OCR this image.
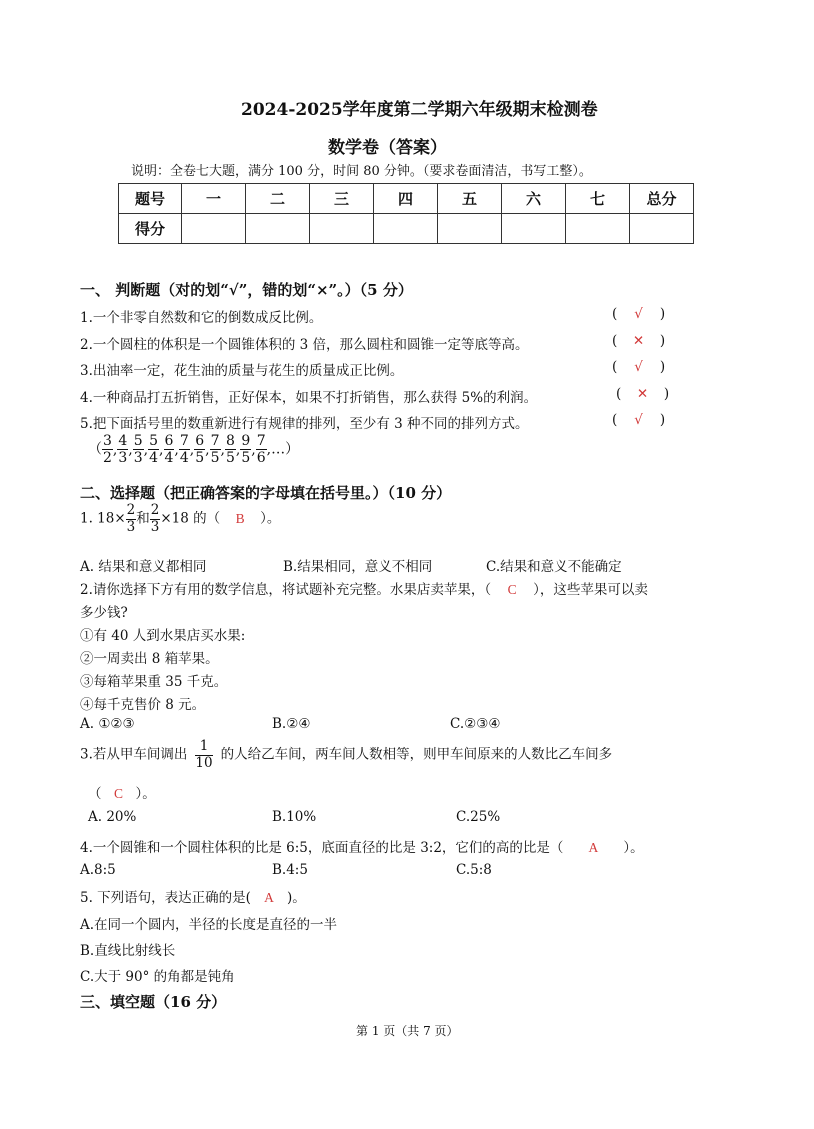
2024-2025学年度第二学期六年级期末检测卷
数学卷（答案）
说明：全卷七大题，满分 100 分，时间 80 分钟。（要求卷面清洁，书写工整）。
题号	一	二	三	四	五	六	七	总分
得分								
一、 判断题（对的划“√”，错的划“×”。）（5 分）
1.一个非零自然数和它的倒数成反比例。	( √ )
2.一个圆柱的体积是一个圆锥体积的 3 倍，那么圆柱和圆锥一定等底等高。	( ✕ )
3.出油率一定，花生油的质量与花生的质量成正比例。	( √ )
4.一种商品打五折销售，正好保本，如果不打折销售，那么获得 5%的利润。	( ✕ )
5.把下面括号里的数重新进行有规律的排列，至少有 3 种不同的排列方式。	( √ )
（ $\frac{3}{2}$ , $\frac{4}{3}$ , $\frac{5}{3}$ , $\frac{5}{4}$ , $\frac{6}{4}$ , $\frac{7}{4}$ , $\frac{6}{5}$ , $\frac{7}{5}$ , $\frac{8}{5}$ , $\frac{9}{5}$ , $\frac{7}{6}$ ,…）
二、选择题（把正确答案的字母填在括号里。）（10 分）
1. $18\times \frac{2}{3}$ 和 $\frac{2}{3} \times 18$ 的（ B ）。
A. 结果和意义都相同	B.结果相同，意义不相同	C.结果和意义不能确定
2.请你选择下方有用的数学信息，将试题补充完整。水果店卖苹果，（ C ），这些苹果可以卖
多少钱?
①有 40 人到水果店买水果:
②一周卖出 8 箱苹果。
③每箱苹果重 35 千克。
④每千克售价 8 元。
A. ①②③	B.②④	C.②③④
3.若从甲车间调出 $\frac{1}{10}$ 的人给乙车间，两车间人数相等，则甲车间原来的人数比乙车间多
（ C ）。
A. 20%	B.10%	C.25%
4.一个圆锥和一个圆柱体积的比是 6:5，底面直径的比是 3:2，它们的高的比是（ A ）。
A.8:5	B.4:5	C.5:8
5. 下列语句，表达正确的是( A )。
A.在同一个圆内，半径的长度是直径的一半
B.直线比射线长
C.大于 90° 的角都是钝角
三、填空题（16 分）
第 1 页（共 7 页）
